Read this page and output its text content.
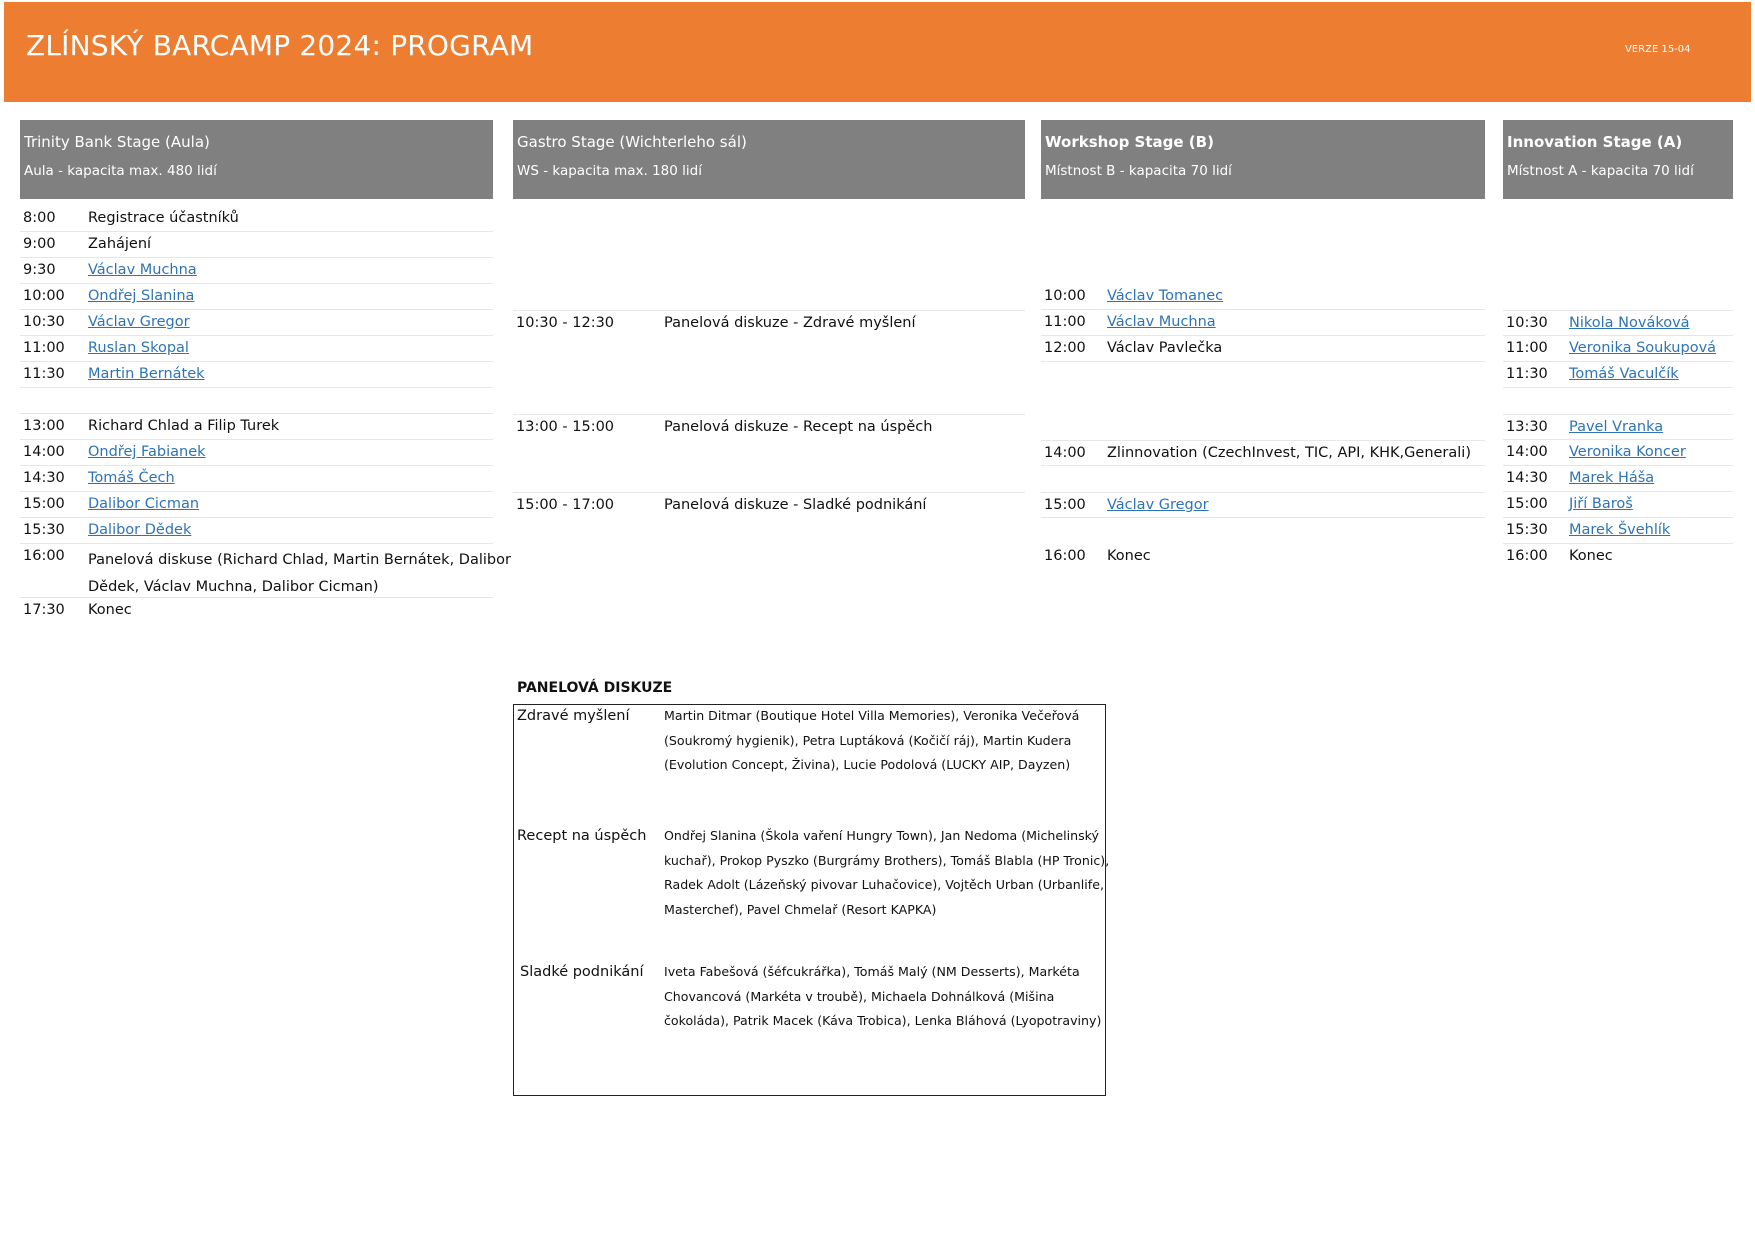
ZLÍNSKÝ BARCAMP 2024: PROGRAM	VERZE 15-04
Trinity Bank Stage (Aula)
Aula - kapacita max. 480 lidí
Gastro Stage (Wichterleho sál)
WS - kapacita max. 180 lidí
Workshop Stage (B)
Místnost B - kapacita 70 lidí
Innovation Stage (A)
Místnost A - kapacita 70 lidí
8:00 Registrace účastníků
9:00 Zahájení
9:30 Václav Muchna
10:00 Ondřej Slanina
10:30 Václav Gregor
11:00 Ruslan Skopal
11:30 Martin Bernátek
13:00 Richard Chlad a Filip Turek
14:00 Ondřej Fabianek
14:30 Tomáš Čech
15:00 Dalibor Cicman
15:30 Dalibor Dědek
16:00 Panelová diskuse (Richard Chlad, Martin Bernátek, Dalibor
Dědek, Václav Muchna, Dalibor Cicman)
17:30 Konec
10:30 - 12:30	Panelová diskuze - Zdravé myšlení
13:00 - 15:00	Panelová diskuze - Recept na úspěch
15:00 - 17:00	Panelová diskuze - Sladké podnikání
10:00 Václav Tomanec
11:00 Václav Muchna
12:00 Václav Pavlečka
14:00 Zlinnovation (CzechInvest, TIC, API, KHK,Generali)
15:00 Václav Gregor
16:00 Konec
10:30 Nikola Nováková
11:00 Veronika Soukupová
11:30 Tomáš Vaculčík
13:30 Pavel Vranka
14:00 Veronika Koncer
14:30 Marek Háša
15:00 Jiří Baroš
15:30 Marek Švehlík
16:00 Konec
PANELOVÁ DISKUZE
Zdravé myšlení	Martin Ditmar (Boutique Hotel Villa Memories), Veronika Večeřová
(Soukromý hygienik), Petra Luptáková (Kočičí ráj), Martin Kudera
(Evolution Concept, Živina), Lucie Podolová (LUCKY AIP, Dayzen)
Recept na úspěch Ondřej Slanina (Škola vaření Hungry Town), Jan Nedoma (Michelinský
kuchař), Prokop Pyszko (Burgrámy Brothers), Tomáš Blabla (HP Tronic),
Radek Adolt (Lázeňský pivovar Luhačovice), Vojtěch Urban (Urbanlife,
Masterchef), Pavel Chmelař (Resort KAPKA)
Sladké podnikání Iveta Fabešová (šéfcukrářka), Tomáš Malý (NM Desserts), Markéta
Chovancová (Markéta v troubě), Michaela Dohnálková (Mišina
čokoláda), Patrik Macek (Káva Trobica), Lenka Bláhová (Lyopotraviny)
